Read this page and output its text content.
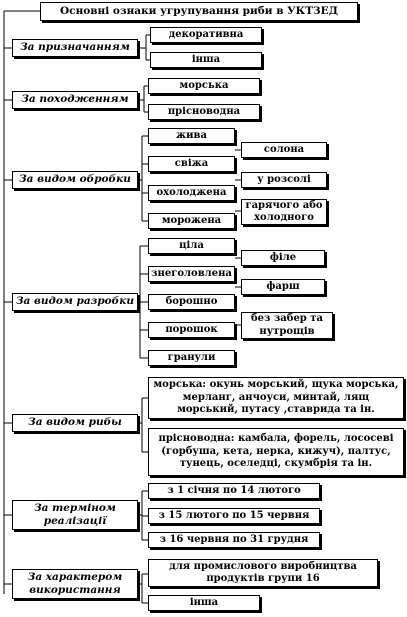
Основні ознаки угрупування риби в УКТЗЕД
За призначанням
декоративна
інша
За походженням
морська
прісноводна
За видом обробки
жива
свіжа
охолоджена
морожена
солона
у розсолі
гарячого або холодного
За видом разробки
ціла
знеголовлена
борошно
порошок
гранули
філе
фарш
без забер та нутрощів
За видом рибы
морська: окунь морський, щука морська, мерланг, анчоуси, минтай, лящ морський, путасу ,ставрида та ін.
прісноводна: камбала, форель, лососеві (горбуша, кета, нерка, кижуч), палтус, тунець, оселедці, скумбрія та ін.
За терміном реалізації
з 1 січня по 14 лютого
з 15 лютого по 15 червня
з 16 червня по 31 грудня
За характером використання
для промислового виробництва продуктів групи 16
інша
